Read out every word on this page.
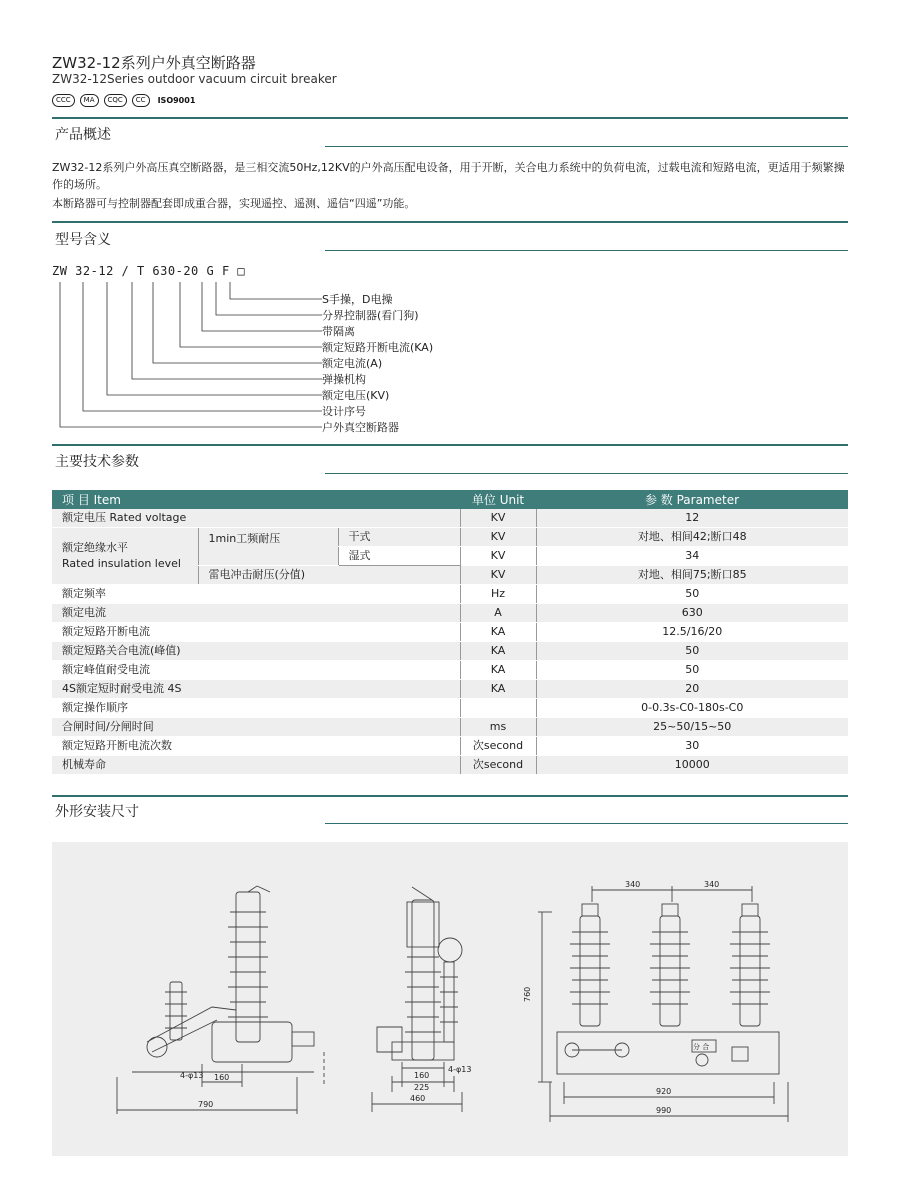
ZW32-12系列户外真空断路器
ZW32-12Series outdoor vacuum circuit breaker
CCC	MA	CQC	CC	ISO9001
产品概述
ZW32-12系列户外高压真空断路器，是三相交流50Hz,12KV的户外高压配电设备，用于开断，关合电力系统中的负荷电流，过载电流和短路电流，更适用于频繁操作的场所。
本断路器可与控制器配套即成重合器，实现遥控、遥测、遥信“四遥”功能。
型号含义
ZW 32-12 / T 630-20 G F □
S手操，D电操
分界控制器(看门狗)
带隔离
额定短路开断电流(KA)
额定电流(A)
弹操机构
额定电压(KV)
设计序号
户外真空断路器
主要技术参数
项 目 Item			单位 Unit	参 数 Parameter
额定电压 Rated voltage			KV	12
额定绝缘水平
Rated insulation level	1min工频耐压	干式	KV	对地、相间42;断口48
		湿式	KV	34
	雷电冲击耐压(分值)		KV	对地、相间75;断口85
额定频率			Hz	50
额定电流			A	630
额定短路开断电流			KA	12.5/16/20
额定短路关合电流(峰值)			KA	50
额定峰值耐受电流			KA	50
4S额定短时耐受电流 4S			KA	20
额定操作顺序				0-0.3s-C0-180s-C0
合闸时间/分闸时间			ms	25~50/15~50
额定短路开断电流次数			次second	30
机械寿命			次second	10000
外形安装尺寸
4-φ13 160
790
160
225
460
4-φ13
340	340
760
920
990
分 合
